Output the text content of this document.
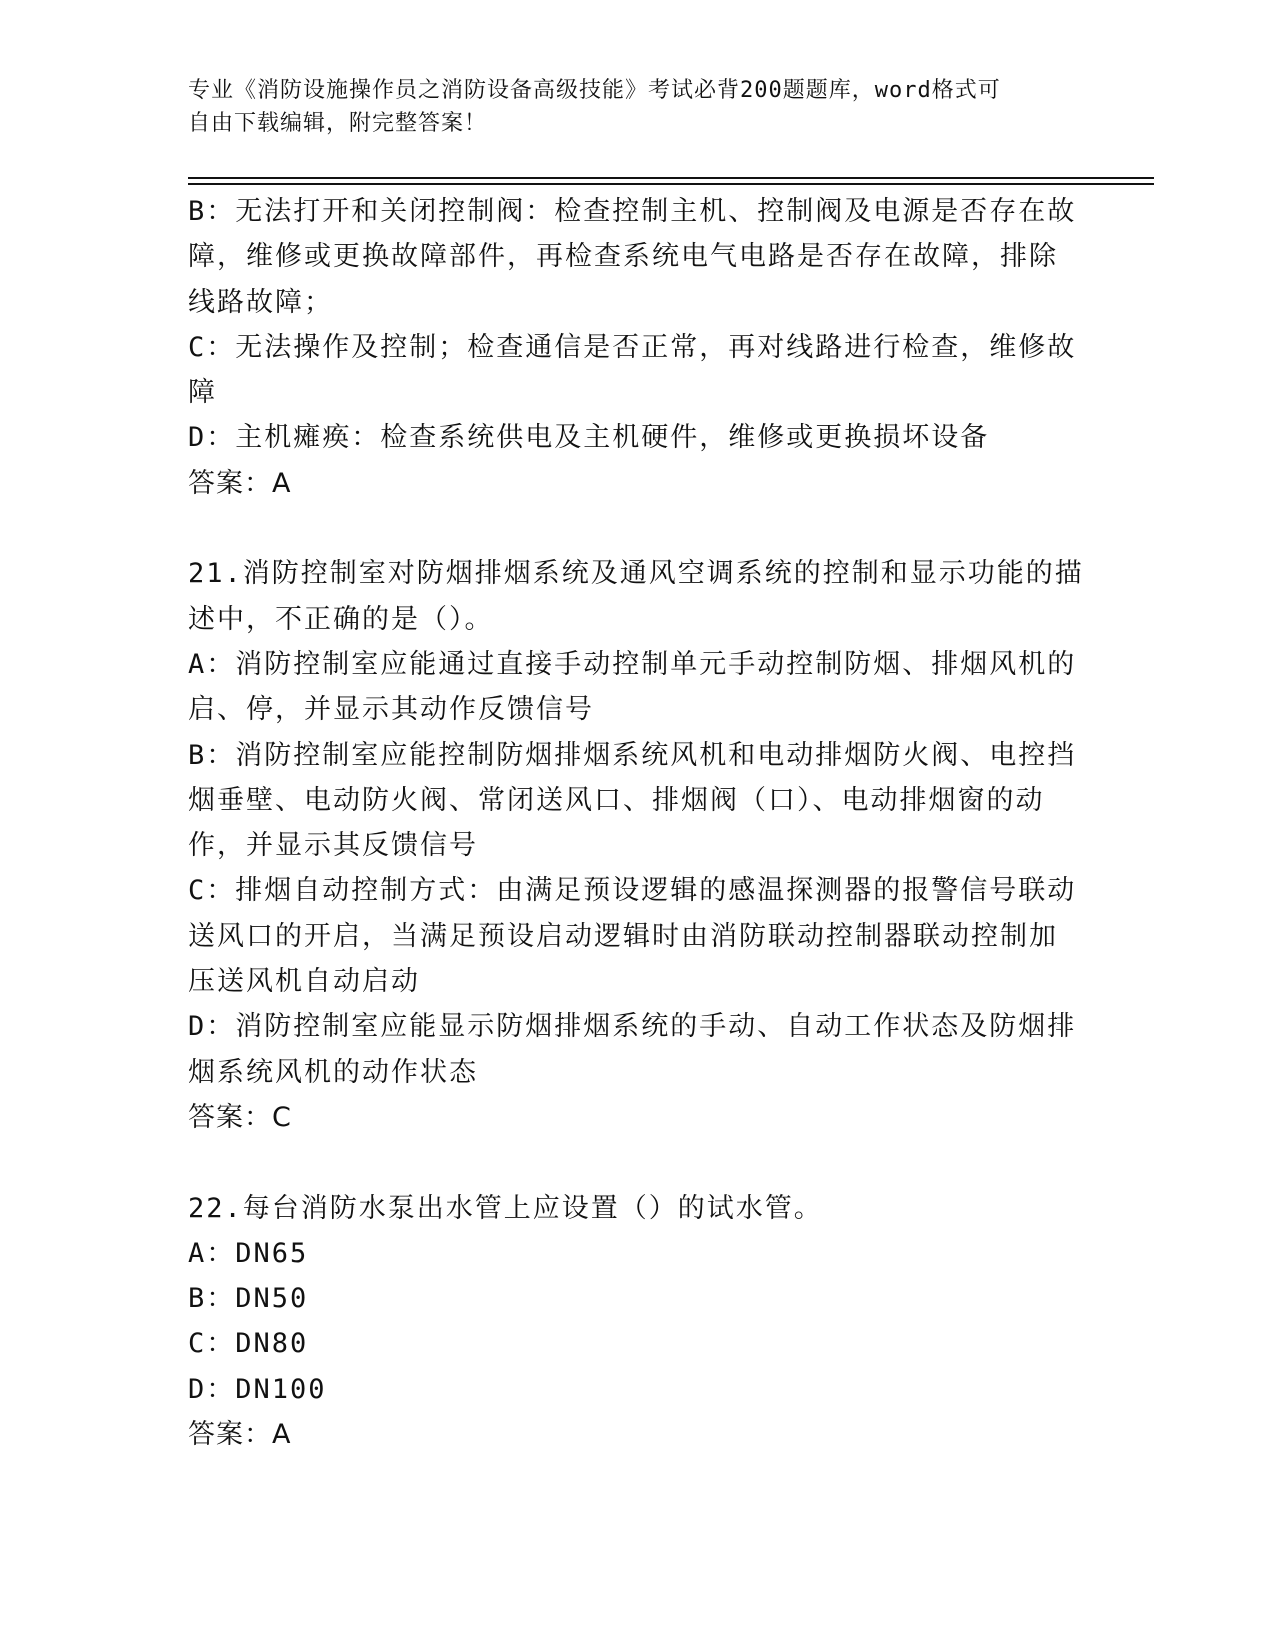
专业《消防设施操作员之消防设备高级技能》考试必背200题题库，word格式可
自由下载编辑，附完整答案！
B：无法打开和关闭控制阀：检查控制主机、控制阀及电源是否存在故
障，维修或更换故障部件，再检查系统电气电路是否存在故障，排除
线路故障；
C：无法操作及控制；检查通信是否正常，再对线路进行检查，维修故
障
D：主机瘫痪：检查系统供电及主机硬件，维修或更换损坏设备
答案：A
21.消防控制室对防烟排烟系统及通风空调系统的控制和显示功能的描
述中，不正确的是（）。
A：消防控制室应能通过直接手动控制单元手动控制防烟、排烟风机的
启、停，并显示其动作反馈信号
B：消防控制室应能控制防烟排烟系统风机和电动排烟防火阀、电控挡
烟垂壁、电动防火阀、常闭送风口、排烟阀（口）、电动排烟窗的动
作，并显示其反馈信号
C：排烟自动控制方式：由满足预设逻辑的感温探测器的报警信号联动
送风口的开启，当满足预设启动逻辑时由消防联动控制器联动控制加
压送风机自动启动
D：消防控制室应能显示防烟排烟系统的手动、自动工作状态及防烟排
烟系统风机的动作状态
答案：C
22.每台消防水泵出水管上应设置（）的试水管。
A：DN65
B：DN50
C：DN80
D：DN100
答案：A
